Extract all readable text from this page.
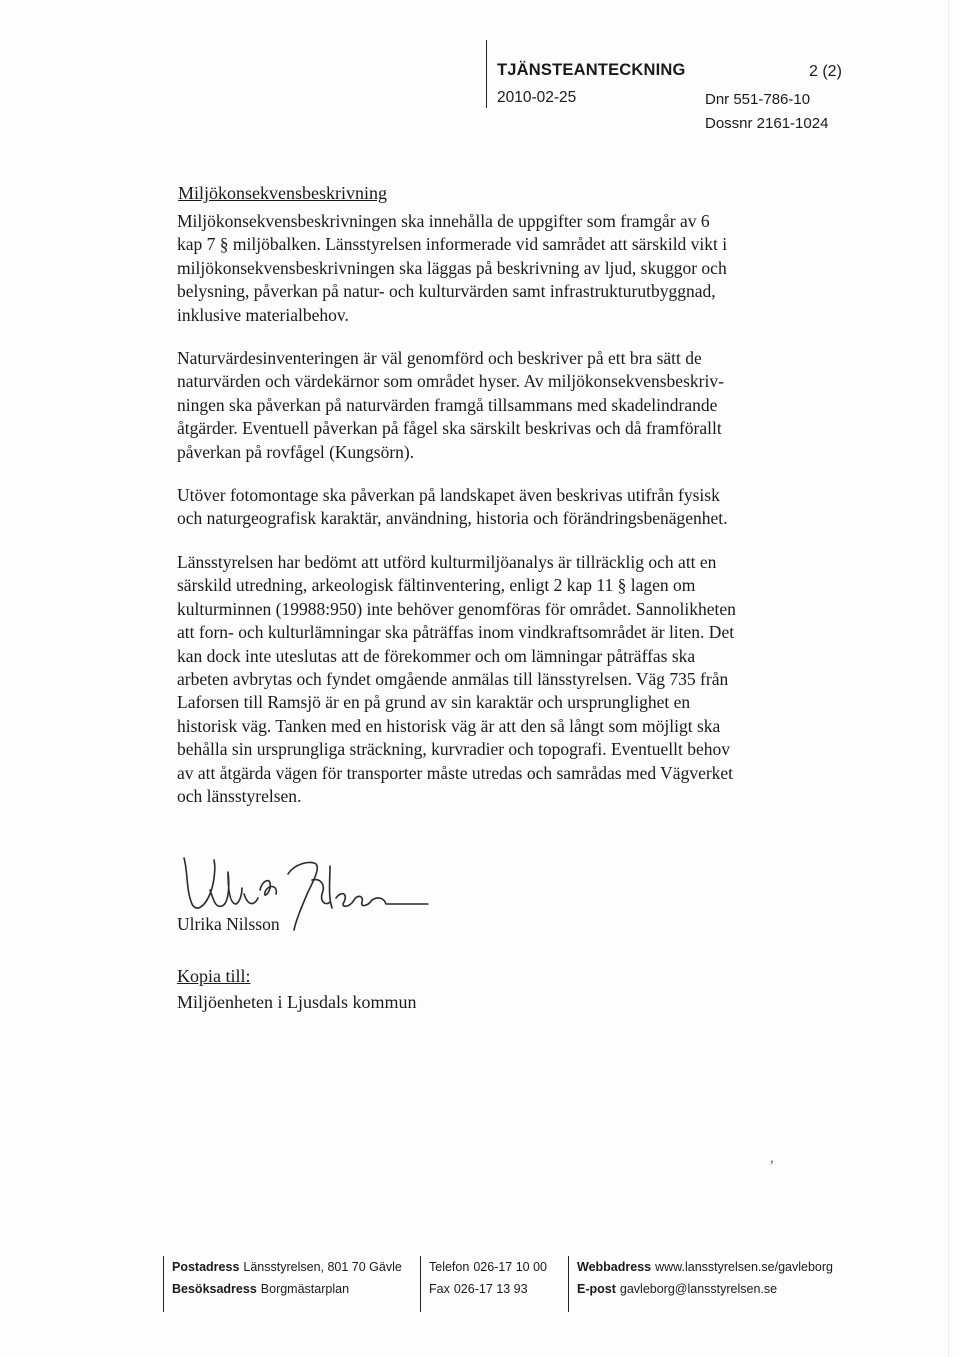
TJÄNSTEANTECKNING	2 (2)
2010-02-25	Dnr 551-786-10
Dossnr 2161-1024
Miljökonsekvensbeskrivning
Miljökonsekvensbeskrivningen ska innehålla de uppgifter som framgår av 6
kap 7 § miljöbalken. Länsstyrelsen informerade vid samrådet att särskild vikt i
miljökonsekvensbeskrivningen ska läggas på beskrivning av ljud, skuggor och
belysning, påverkan på natur- och kulturvärden samt infrastrukturutbyggnad,
inklusive materialbehov.
Naturvärdesinventeringen är väl genomförd och beskriver på ett bra sätt de
naturvärden och värdekärnor som området hyser. Av miljökonsekvensbeskriv-
ningen ska påverkan på naturvärden framgå tillsammans med skadelindrande
åtgärder. Eventuell påverkan på fågel ska särskilt beskrivas och då framförallt
påverkan på rovfågel (Kungsörn).
Utöver fotomontage ska påverkan på landskapet även beskrivas utifrån fysisk
och naturgeografisk karaktär, användning, historia och förändringsbenägenhet.
Länsstyrelsen har bedömt att utförd kulturmiljöanalys är tillräcklig och att en
särskild utredning, arkeologisk fältinventering, enligt 2 kap 11 § lagen om
kulturminnen (19988:950) inte behöver genomföras för området. Sannolikheten
att forn- och kulturlämningar ska påträffas inom vindkraftsområdet är liten. Det
kan dock inte uteslutas att de förekommer och om lämningar påträffas ska
arbeten avbrytas och fyndet omgående anmälas till länsstyrelsen. Väg 735 från
Laforsen till Ramsjö är en på grund av sin karaktär och ursprunglighet en
historisk väg. Tanken med en historisk väg är att den så långt som möjligt ska
behålla sin ursprungliga sträckning, kurvradier och topografi. Eventuellt behov
av att åtgärda vägen för transporter måste utredas och samrådas med Vägverket
och länsstyrelsen.
Ulrika Nilsson
Kopia till:
Miljöenheten i Ljusdals kommun
,
Postadress Länsstyrelsen, 801 70 Gävle
Besöksadress Borgmästarplan
Telefon 026-17 10 00
Fax 026-17 13 93
Webbadress www.lansstyrelsen.se/gavleborg
E-post gavleborg@lansstyrelsen.se
